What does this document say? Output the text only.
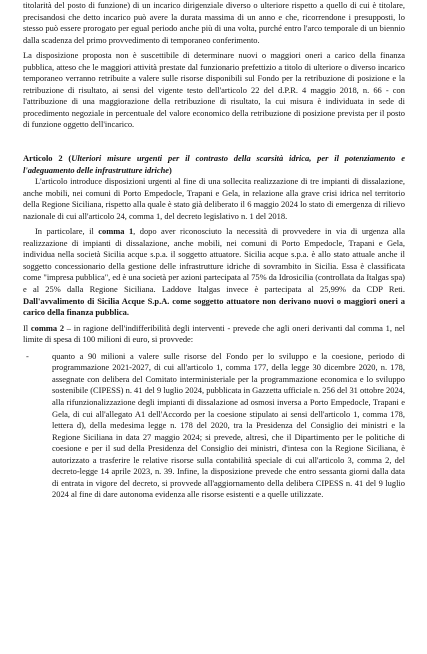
titolarità del posto di funzione) di un incarico dirigenziale diverso o ulteriore rispetto a quello di cui è titolare, precisandosi che detto incarico può avere la durata massima di un anno e che, ricorrendone i presupposti, lo stesso può essere prorogato per egual periodo anche più di una volta, purché entro l'arco temporale di un biennio dalla scadenza del primo provvedimento di temporaneo conferimento.

La disposizione proposta non è suscettibile di determinare nuovi o maggiori oneri a carico della finanza pubblica, atteso che le maggiori attività prestate dal funzionario prefettizio a titolo di ulteriore o diverso incarico temporaneo verranno retribuite a valere sulle risorse disponibili sul Fondo per la retribuzione di posizione e la retribuzione di risultato, ai sensi del vigente testo dell'articolo 22 del d.P.R. 4 maggio 2018, n. 66 - con l'attribuzione di una maggiorazione della retribuzione di risultato, la cui misura è individuata in sede di procedimento negoziale in percentuale del valore economico della retribuzione di posizione prevista per il posto di funzione oggetto dell'incarico.

Articolo 2 (Ulteriori misure urgenti per il contrasto della scarsità idrica, per il potenziamento e l'adeguamento delle infrastrutture idriche)

L'articolo introduce disposizioni urgenti al fine di una sollecita realizzazione di tre impianti di dissalazione, anche mobili, nei comuni di Porto Empedocle, Trapani e Gela, in relazione alla grave crisi idrica nel territorio della Regione Siciliana, rispetto alla quale è stato già deliberato il 6 maggio 2024 lo stato di emergenza di rilievo nazionale di cui all'articolo 24, comma 1, del decreto legislativo n. 1 del 2018.

In particolare, il comma 1, dopo aver riconosciuto la necessità di provvedere in via di urgenza alla realizzazione di impianti di dissalazione, anche mobili, nei comuni di Porto Empedocle, Trapani e Gela, individua nella società Sicilia acque s.p.a. il soggetto attuatore. Sicilia acque s.p.a. è allo stato attuale anche il soggetto concessionario della gestione delle infrastrutture idriche di sovrambito in Sicilia. Essa è classificata come "impresa pubblica", ed è una società per azioni partecipata al 75% da Idrosicilia (controllata da Italgas spa) e al 25% dalla Regione Siciliana. Laddove Italgas invece è partecipata al 25,99% da CDP Reti. Dall'avvalimento di Sicilia Acque S.p.A. come soggetto attuatore non derivano nuovi o maggiori oneri a carico della finanza pubblica.

Il comma 2 – in ragione dell'indifferibilità degli interventi - prevede che agli oneri derivanti dal comma 1, nel limite di spesa di 100 milioni di euro, si provvede:

-	quanto a 90 milioni a valere sulle risorse del Fondo per lo sviluppo e la coesione, periodo di programmazione 2021-2027, di cui all'articolo 1, comma 177, della legge 30 dicembre 2020, n. 178, assegnate con delibera del Comitato interministeriale per la programmazione economica e lo sviluppo sostenibile (CIPESS) n. 41 del 9 luglio 2024, pubblicata in Gazzetta ufficiale n. 256 del 31 ottobre 2024, alla rifunzionalizzazione degli impianti di dissalazione ad osmosi inversa a Porto Empedocle, Trapani e Gela, di cui all'allegato A1 dell'Accordo per la coesione stipulato ai sensi dell'articolo 1, comma 178, lettera d), della medesima legge n. 178 del 2020, tra la Presidenza del Consiglio dei ministri e la Regione Siciliana in data 27 maggio 2024; si prevede, altresì, che il Dipartimento per le politiche di coesione e per il sud della Presidenza del Consiglio dei ministri, d'intesa con la Regione Siciliana, è autorizzato a trasferire le relative risorse sulla contabilità speciale di cui all'articolo 3, comma 2, del decreto-legge 14 aprile 2023, n. 39. Infine, la disposizione prevede che entro sessanta giorni dalla data di entrata in vigore del decreto, si provvede all'aggiornamento della delibera CIPESS n. 41 del 9 luglio 2024 al fine di dare autonoma evidenza alle risorse esistenti e a quelle utilizzate.
